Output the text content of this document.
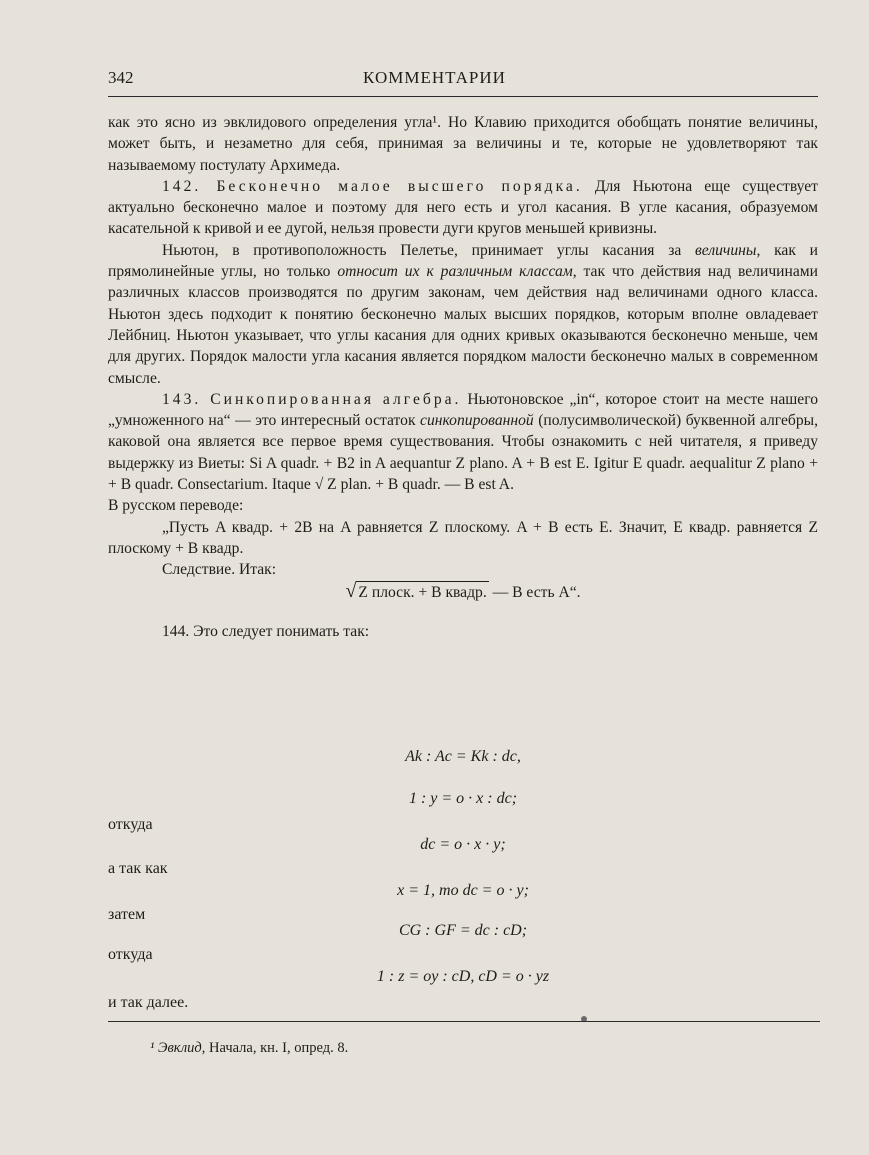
342	КОММЕНТАРИИ

как это ясно из эвклидового определения угла¹. Но Клавию приходится обобщать понятие величины, может быть, и незаметно для себя, принимая за величины и те, которые не удовлетворяют так называемому постулату Архимеда.

142. Бесконечно малое высшего порядка. Для Ньютона еще существует актуально бесконечно малое и поэтому для него есть и угол касания. В угле касания, образуемом касательной к кривой и ее дугой, нельзя провести дуги кругов меньшей кривизны.

Ньютон, в противоположность Пелетье, принимает углы касания за величины, как и прямолинейные углы, но только относит их к различным классам, так что действия над величинами различных классов производятся по другим законам, чем действия над величинами одного класса. Ньютон здесь подходит к понятию бесконечно малых высших порядков, которым вполне овладевает Лейбниц. Ньютон указывает, что углы касания для одних кривых оказываются бесконечно меньше, чем для других. Порядок малости угла касания является порядком малости бесконечно малых в современном смысле.

143. Синкопированная алгебра. Ньютоновское „in“, которое стоит на месте нашего „умноженного на“ — это интересный остаток синкопированной (полусимволической) буквенной алгебры, каковой она является все первое время существования. Чтобы ознакомить с ней читателя, я приведу выдержку из Виеты: Si A quadr. + B2 in A aequantur Z plano. A + B est E. Igitur E quadr. aequalitur Z plano + + B quadr. Consectarium. Itaque √ Z plan. + B quadr. — B est A.

В русском переводе:

„Пусть A квадр. + 2B на A равняется Z плоскому. A + B есть E. Значит, E квадр. равняется Z плоскому + B квадр.

Следствие. Итак:

√ Z плоск. + B квадр. — B есть A“.

144. Это следует понимать так:

Ak : Ac = Kk : dc,
1 : y = o · x : dc;
откуда
dc = o · x · y;
а так как
x = 1, то dc = o · y;
затем
CG : GF = dc : cD;
откуда
1 : z = oy : cD, cD = o · yz
и так далее.
¹ Эвклид, Начала, кн. I, опред. 8.
